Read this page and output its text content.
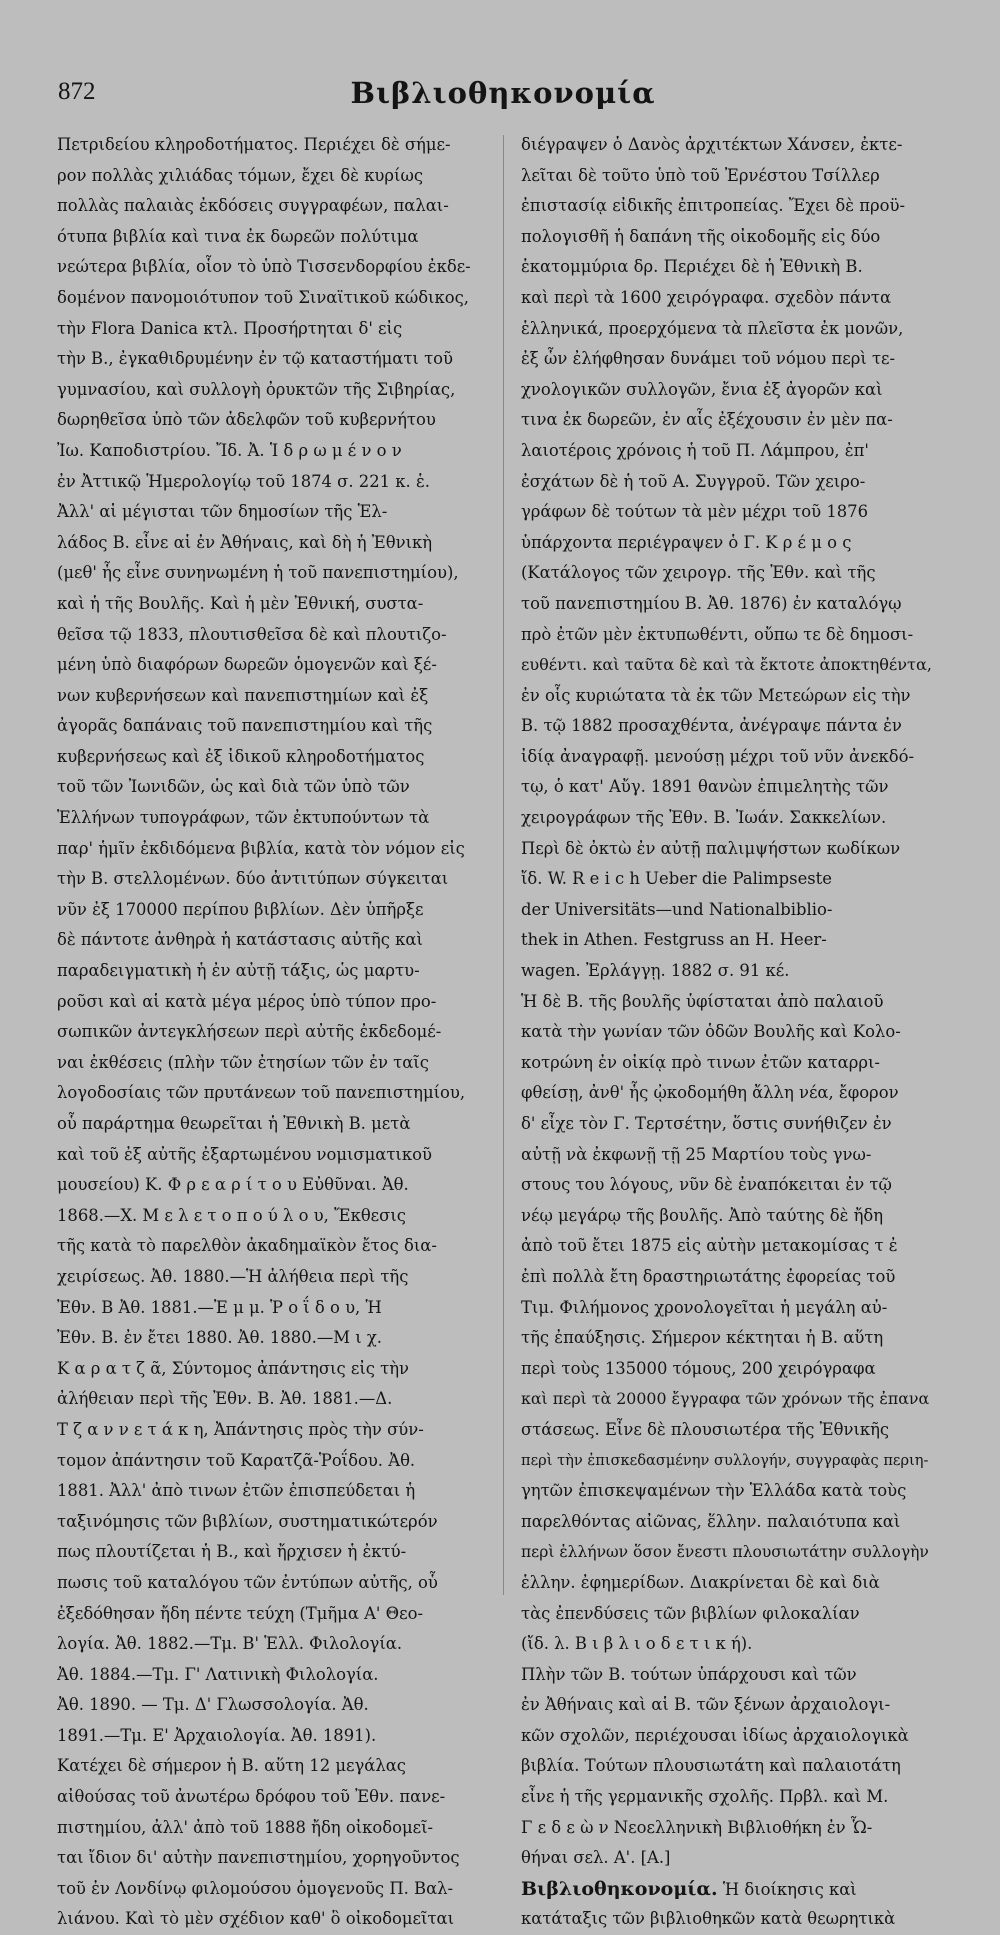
872	Βιβλιοθηκονομία
Πετριδείου κληροδοτήματος. Περιέχει δὲ σήμε-
ρον πολλὰς χιλιάδας τόμων, ἔχει δὲ κυρίως
πολλὰς παλαιὰς ἐκδόσεις συγγραφέων, παλαι-
ότυπα βιβλία καὶ τινα ἐκ δωρεῶν πολύτιμα
νεώτερα βιβλία, οἷον τὸ ὑπὸ Τισσενδορφίου ἐκδε-
δομένον πανομοιότυπον τοῦ Σιναϊτικοῦ κώδικος,
τὴν Flora Danica κτλ. Προσήρτηται δ' εἰς
τὴν Β., ἐγκαθιδρυμένην ἐν τῷ καταστήματι τοῦ
γυμνασίου, καὶ συλλογὴ ὀρυκτῶν τῆς Σιβηρίας,
δωρηθεῖσα ὑπὸ τῶν ἀδελφῶν τοῦ κυβερνήτου
Ἰω. Καποδιστρίου. Ἴδ. Ἀ. Ἱ δ ρ ω μ έ ν ο ν
ἐν Ἀττικῷ Ἡμερολογίῳ τοῦ 1874 σ. 221 κ. ἑ.
Ἀλλ' αἱ μέγισται τῶν δημοσίων τῆς Ἑλ-
λάδος Β. εἶνε αἱ ἐν Ἀθήναις, καὶ δὴ ἡ Ἐθνικὴ
(μεθ' ἧς εἶνε συνηνωμένη ἡ τοῦ πανεπιστημίου),
καὶ ἡ τῆς Βουλῆς. Καὶ ἡ μὲν Ἐθνική, συστα-
θεῖσα τῷ 1833, πλουτισθεῖσα δὲ καὶ πλουτιζο-
μένη ὑπὸ διαφόρων δωρεῶν ὁμογενῶν καὶ ξέ-
νων κυβερνήσεων καὶ πανεπιστημίων καὶ ἐξ
ἀγορᾶς δαπάναις τοῦ πανεπιστημίου καὶ τῆς
κυβερνήσεως καὶ ἐξ ἰδικοῦ κληροδοτήματος
τοῦ τῶν Ἰωνιδῶν, ὡς καὶ διὰ τῶν ὑπὸ τῶν
Ἑλλήνων τυπογράφων, τῶν ἐκτυπούντων τὰ
παρ' ἡμῖν ἐκδιδόμενα βιβλία, κατὰ τὸν νόμον εἰς
τὴν Β. στελλομένων. δύο ἀντιτύπων σύγκειται
νῦν ἐξ 170000 περίπου βιβλίων. Δὲν ὑπῆρξε
δὲ πάντοτε ἀνθηρὰ ἡ κατάστασις αὐτῆς καὶ
παραδειγματικὴ ἡ ἐν αὐτῇ τάξις, ὡς μαρτυ-
ροῦσι καὶ αἱ κατὰ μέγα μέρος ὑπὸ τύπον προ-
σωπικῶν ἀντεγκλήσεων περὶ αὐτῆς ἐκδεδομέ-
ναι ἐκθέσεις (πλὴν τῶν ἐτησίων τῶν ἐν ταῖς
λογοδοσίαις τῶν πρυτάνεων τοῦ πανεπιστημίου,
οὗ παράρτημα θεωρεῖται ἡ Ἐθνικὴ Β. μετὰ
καὶ τοῦ ἐξ αὐτῆς ἐξαρτωμένου νομισματικοῦ
μουσείου) Κ. Φ ρ ε α ρ ί τ ο υ Εὐθῦναι. Ἀθ.
1868.—Χ. Μ ε λ ε τ ο π ο ύ λ ο υ, Ἔκθεσις
τῆς κατὰ τὸ παρελθὸν ἀκαδημαϊκὸν ἔτος δια-
χειρίσεως. Ἀθ. 1880.—Ἡ ἀλήθεια περὶ τῆς
Ἐθν. Β Ἀθ. 1881.—Ἐ μ μ. Ῥ ο ΐ δ ο υ, Ἡ
Ἐθν. Β. ἐν ἔτει 1880. Ἀθ. 1880.—Μ ι χ.
Κ α ρ α τ ζ ᾶ, Σύντομος ἀπάντησις εἰς τὴν
ἀλήθειαν περὶ τῆς Ἐθν. Β. Ἀθ. 1881.—Δ.
Τ ζ α ν ν ε τ ά κ η, Ἀπάντησις πρὸς τὴν σύν-
τομον ἀπάντησιν τοῦ Καρατζᾶ-Ῥοΐδου. Ἀθ.
1881. Ἀλλ' ἀπὸ τινων ἐτῶν ἐπισπεύδεται ἡ
ταξινόμησις τῶν βιβλίων, συστηματικώτερόν
πως πλουτίζεται ἡ Β., καὶ ἤρχισεν ἡ ἐκτύ-
πωσις τοῦ καταλόγου τῶν ἐντύπων αὐτῆς, οὗ
ἐξεδόθησαν ἤδη πέντε τεύχη (Τμῆμα Α' Θεο-
λογία. Ἀθ. 1882.—Τμ. Β' Ἑλλ. Φιλολογία.
Ἀθ. 1884.—Τμ. Γ' Λατινικὴ Φιλολογία.
Ἀθ. 1890. — Τμ. Δ' Γλωσσολογία. Ἀθ.
1891.—Τμ. Ε' Ἀρχαιολογία. Ἀθ. 1891).
Κατέχει δὲ σήμερον ἡ Β. αὕτη 12 μεγάλας
αἰθούσας τοῦ ἀνωτέρω δρόφου τοῦ Ἐθν. πανε-
πιστημίου, ἀλλ' ἀπὸ τοῦ 1888 ἤδη οἰκοδομεῖ-
ται ἴδιον δι' αὐτὴν πανεπιστημίου, χορηγοῦντος
τοῦ ἐν Λονδίνῳ φιλομούσου ὁμογενοῦς Π. Βαλ-
λιάνου. Καὶ τὸ μὲν σχέδιον καθ' ὃ οἰκοδομεῖται
διέγραψεν ὁ Δανὸς ἀρχιτέκτων Χάνσεν, ἐκτε-
λεῖται δὲ τοῦτο ὑπὸ τοῦ Ἐρνέστου Τσίλλερ
ἐπιστασίᾳ εἰδικῆς ἐπιτροπείας. Ἔχει δὲ προϋ-
πολογισθῆ ἡ δαπάνη τῆς οἰκοδομῆς εἰς δύο
ἑκατομμύρια δρ. Περιέχει δὲ ἡ Ἐθνικὴ Β.
καὶ περὶ τὰ 1600 χειρόγραφα. σχεδὸν πάντα
ἑλληνικά, προερχόμενα τὰ πλεῖστα ἐκ μονῶν,
ἐξ ὧν ἐλήφθησαν δυνάμει τοῦ νόμου περὶ τε-
χνολογικῶν συλλογῶν, ἔνια ἐξ ἀγορῶν καὶ
τινα ἐκ δωρεῶν, ἐν αἷς ἐξέχουσιν ἐν μὲν πα-
λαιοτέροις χρόνοις ἡ τοῦ Π. Λάμπρου, ἐπ'
ἐσχάτων δὲ ἡ τοῦ Α. Συγγροῦ. Τῶν χειρο-
γράφων δὲ τούτων τὰ μὲν μέχρι τοῦ 1876
ὑπάρχοντα περιέγραψεν ὁ Γ. Κ ρ έ μ ο ς
(Κατάλογος τῶν χειρογρ. τῆς Ἐθν. καὶ τῆς
τοῦ πανεπιστημίου Β. Ἀθ. 1876) ἐν καταλόγῳ
πρὸ ἐτῶν μὲν ἐκτυπωθέντι, οὔπω τε δὲ δημοσι-
ευθέντι. καὶ ταῦτα δὲ καὶ τὰ ἔκτοτε ἀποκτηθέντα,
ἐν οἷς κυριώτατα τὰ ἐκ τῶν Μετεώρων εἰς τὴν
Β. τῷ 1882 προσαχθέντα, ἀνέγραψε πάντα ἐν
ἰδίᾳ ἀναγραφῇ. μενούσῃ μέχρι τοῦ νῦν ἀνεκδό-
τῳ, ὁ κατ' Αὔγ. 1891 θανὼν ἐπιμελητὴς τῶν
χειρογράφων τῆς Ἐθν. Β. Ἰωάν. Σακκελίων.
Περὶ δὲ ὀκτὼ ἐν αὐτῇ παλιμψήστων κωδίκων
ἴδ. W. R e i c h Ueber die Palimpseste
der Universitäts—und Nationalbiblio-
thek in Athen. Festgruss an H. Heer-
wagen. Ἐρλάγγῃ. 1882 σ. 91 κέ.
Ἡ δὲ Β. τῆς βουλῆς ὑφίσταται ἀπὸ παλαιοῦ
κατὰ τὴν γωνίαν τῶν ὁδῶν Βουλῆς καὶ Κολο-
κοτρώνη ἐν οἰκίᾳ πρὸ τινων ἐτῶν καταρρι-
φθείσῃ, ἀνθ' ἧς ᾠκοδομήθη ἄλλη νέα, ἔφορον
δ' εἶχε τὸν Γ. Τερτσέτην, ὅστις συνήθιζεν ἐν
αὐτῇ νὰ ἐκφωνῇ τῇ 25 Μαρτίου τοὺς γνω-
στους του λόγους, νῦν δὲ ἐναπόκειται ἐν τῷ
νέῳ μεγάρῳ τῆς βουλῆς. Ἀπὸ ταύτης δὲ ἤδη
ἀπὸ τοῦ ἔτει 1875 εἰς αὐτὴν μετακομίσας τ ἐ
ἐπὶ πολλὰ ἔτη δραστηριωτάτης ἐφορείας τοῦ
Τιμ. Φιλήμονος χρονολογεῖται ἡ μεγάλη αὐ-
τῆς ἐπαύξησις. Σήμερον κέκτηται ἡ Β. αὕτη
περὶ τοὺς 135000 τόμους, 200 χειρόγραφα
καὶ περὶ τὰ 20000 ἔγγραφα τῶν χρόνων τῆς ἐπανα
στάσεως. Εἶνε δὲ πλουσιωτέρα τῆς Ἐθνικῆς
περὶ τὴν ἐπισκεδασμένην συλλογήν, συγγραφὰς περιη-
γητῶν ἐπισκεψαμένων τὴν Ἑλλάδα κατὰ τοὺς
παρελθόντας αἰῶνας, ἕλλην. παλαιότυπα καὶ
περὶ ἑλλήνων ὅσον ἔνεστι πλουσιωτάτην συλλογὴν
ἑλλην. ἐφημερίδων. Διακρίνεται δὲ καὶ διὰ
τὰς ἐπενδύσεις τῶν βιβλίων φιλοκαλίαν
(ἴδ. λ. Β ι β λ ι ο δ ε τ ι κ ή).
Πλὴν τῶν Β. τούτων ὑπάρχουσι καὶ τῶν
ἐν Ἀθήναις καὶ αἱ Β. τῶν ξένων ἀρχαιολογι-
κῶν σχολῶν, περιέχουσαι ἰδίως ἀρχαιολογικὰ
βιβλία. Τούτων πλουσιωτάτη καὶ παλαιοτάτη
εἶνε ἡ τῆς γερμανικῆς σχολῆς. Πρβλ. καὶ Μ.
Γ ε δ ε ὼ ν Νεοελληνικὴ Βιβλιοθήκη ἐν Ὧ-
θήναι σελ. Α'. [Α.]
Βιβλιοθηκονομία. Ἡ διοίκησις καὶ
κατάταξις τῶν βιβλιοθηκῶν κατὰ θεωρητικὰ
